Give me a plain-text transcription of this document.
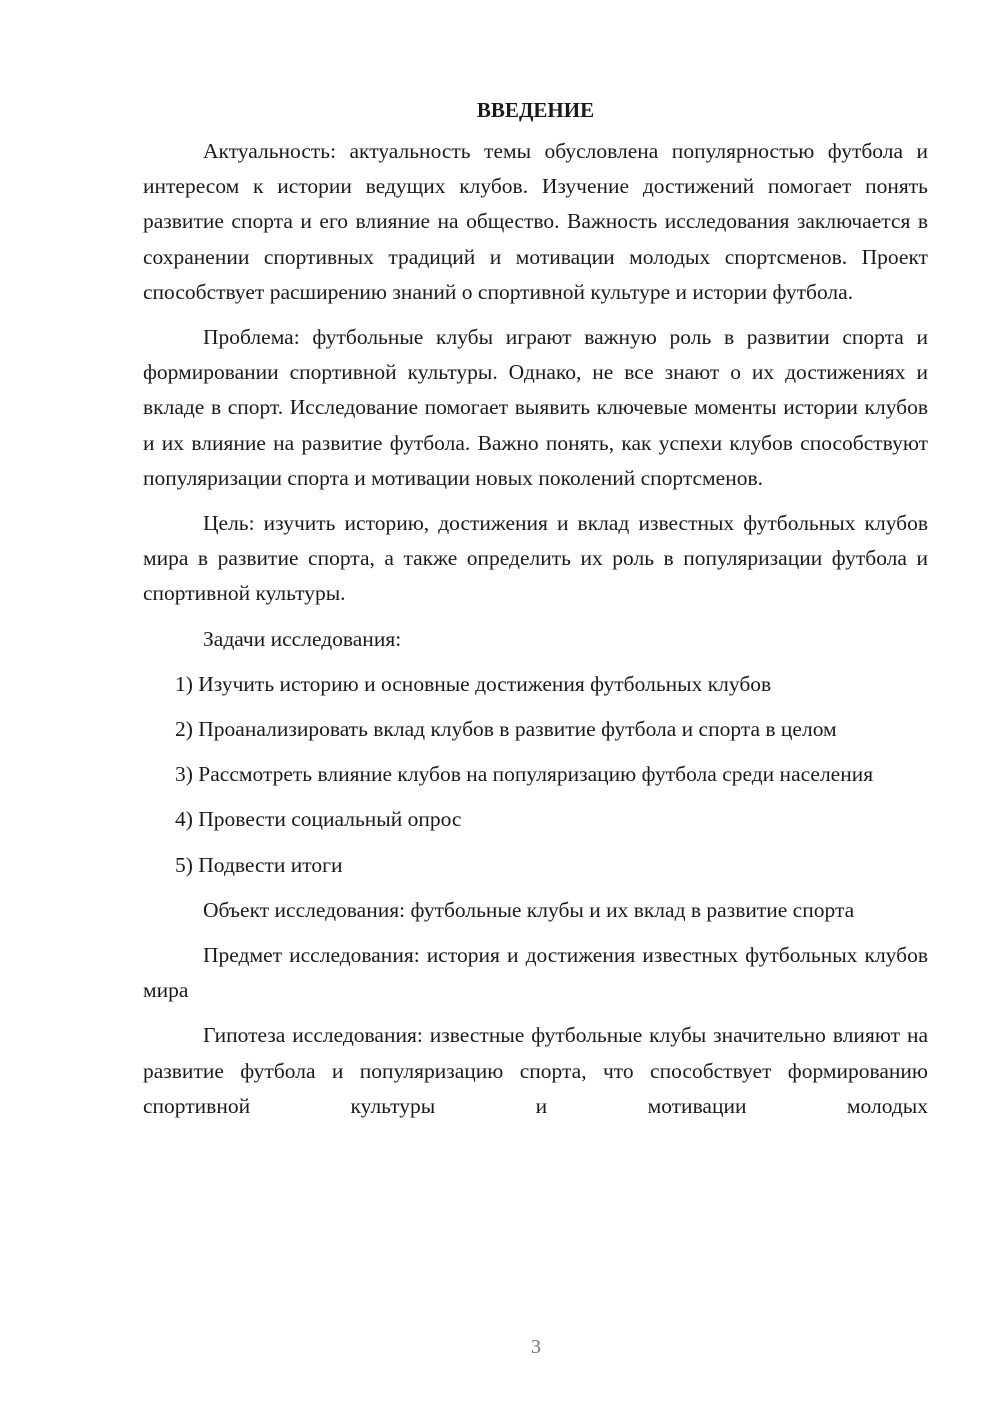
ВВЕДЕНИЕ

Актуальность: актуальность темы обусловлена популярностью футбола и интересом к истории ведущих клубов. Изучение достижений помогает понять развитие спорта и его влияние на общество. Важность исследования заключается в сохранении спортивных традиций и мотивации молодых спортсменов. Проект способствует расширению знаний о спортивной культуре и истории футбола.

Проблема: футбольные клубы играют важную роль в развитии спорта и формировании спортивной культуры. Однако, не все знают о их достижениях и вкладе в спорт. Исследование помогает выявить ключевые моменты истории клубов и их влияние на развитие футбола. Важно понять, как успехи клубов способствуют популяризации спорта и мотивации новых поколений спортсменов.

Цель: изучить историю, достижения и вклад известных футбольных клубов мира в развитие спорта, а также определить их роль в популяризации футбола и спортивной культуры.

Задачи исследования:

1) Изучить историю и основные достижения футбольных клубов

2) Проанализировать вклад клубов в развитие футбола и спорта в целом

3) Рассмотреть влияние клубов на популяризацию футбола среди населения

4) Провести социальный опрос

5) Подвести итоги

Объект исследования: футбольные клубы и их вклад в развитие спорта

Предмет исследования: история и достижения известных футбольных клубов мира

Гипотеза исследования: известные футбольные клубы значительно влияют на развитие футбола и популяризацию спорта, что способствует формированию спортивной культуры и мотивации молодых

3
